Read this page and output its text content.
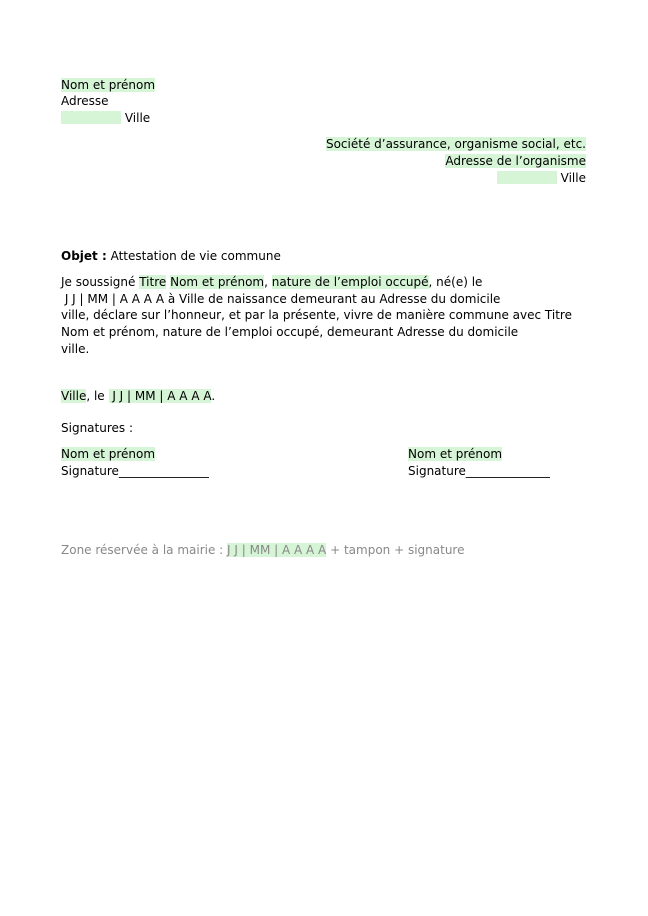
Nom et prénom
Adresse
Ville
Société d’assurance, organisme social, etc.
Adresse de l’organisme
Ville
Objet : Attestation de vie commune
Je soussigné Titre Nom et prénom, nature de l’emploi occupé, né(e) le
J J | MM | A A A A à Ville de naissance demeurant au Adresse du domicile
ville, déclare sur l’honneur, et par la présente, vivre de manière commune avec Titre
Nom et prénom, nature de l’emploi occupé, demeurant Adresse du domicile
ville.
Ville, le  J J | MM | A A A A.
Signatures :
Nom et prénom
Signature_______________
Nom et prénom
Signature______________
Zone réservée à la mairie : J J | MM | A A A A + tampon + signature
